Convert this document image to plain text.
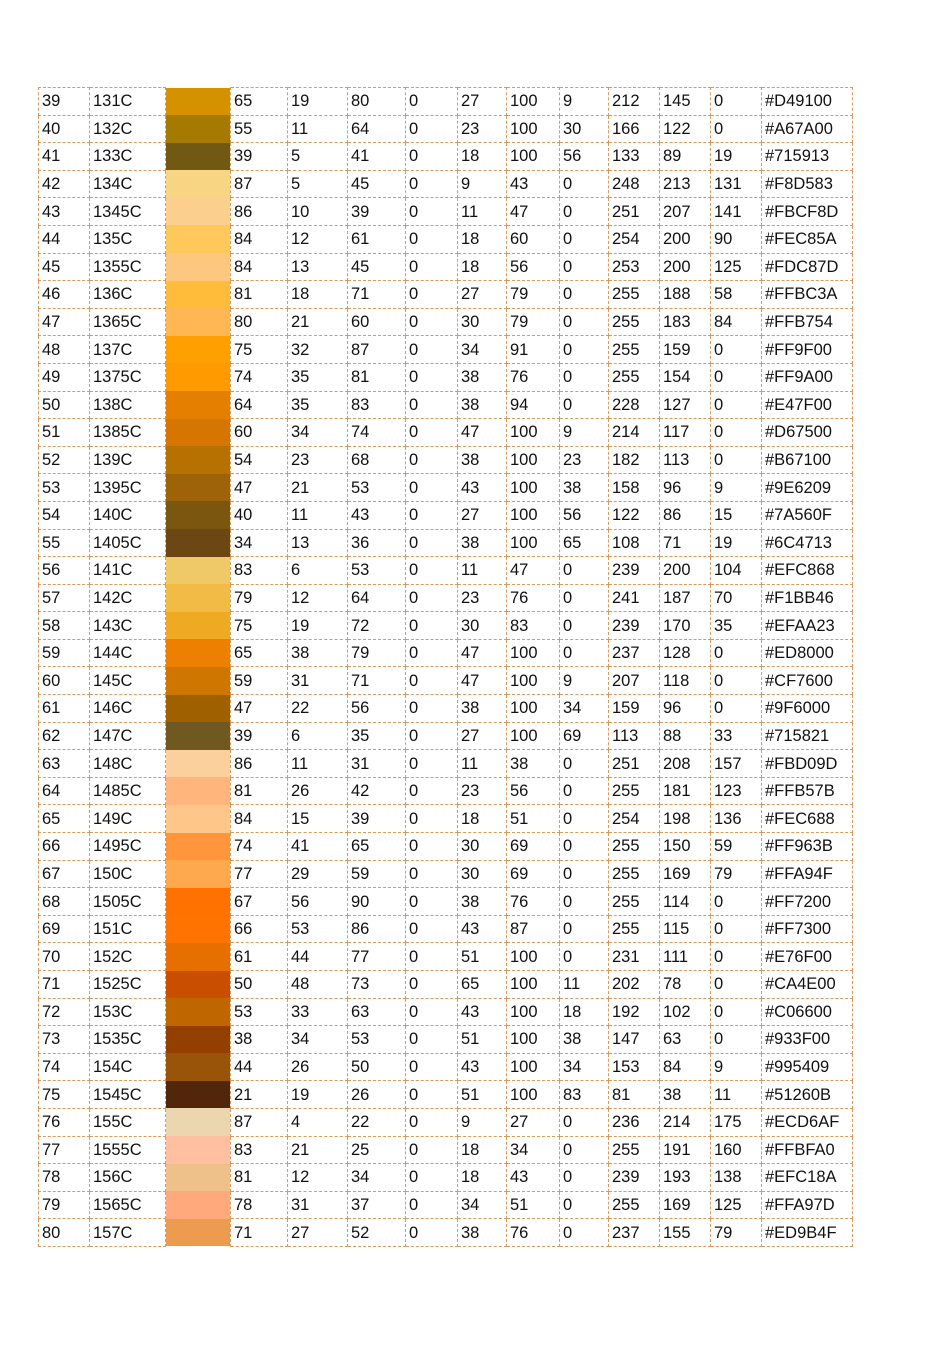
39	131C		65	19	80	0	27	100	9	212	145	0	#D49100
40	132C		55	11	64	0	23	100	30	166	122	0	#A67A00
41	133C		39	5	41	0	18	100	56	133	89	19	#715913
42	134C		87	5	45	0	9	43	0	248	213	131	#F8D583
43	1345C		86	10	39	0	11	47	0	251	207	141	#FBCF8D
44	135C		84	12	61	0	18	60	0	254	200	90	#FEC85A
45	1355C		84	13	45	0	18	56	0	253	200	125	#FDC87D
46	136C		81	18	71	0	27	79	0	255	188	58	#FFBC3A
47	1365C		80	21	60	0	30	79	0	255	183	84	#FFB754
48	137C		75	32	87	0	34	91	0	255	159	0	#FF9F00
49	1375C		74	35	81	0	38	76	0	255	154	0	#FF9A00
50	138C		64	35	83	0	38	94	0	228	127	0	#E47F00
51	1385C		60	34	74	0	47	100	9	214	117	0	#D67500
52	139C		54	23	68	0	38	100	23	182	113	0	#B67100
53	1395C		47	21	53	0	43	100	38	158	96	9	#9E6209
54	140C		40	11	43	0	27	100	56	122	86	15	#7A560F
55	1405C		34	13	36	0	38	100	65	108	71	19	#6C4713
56	141C		83	6	53	0	11	47	0	239	200	104	#EFC868
57	142C		79	12	64	0	23	76	0	241	187	70	#F1BB46
58	143C		75	19	72	0	30	83	0	239	170	35	#EFAA23
59	144C		65	38	79	0	47	100	0	237	128	0	#ED8000
60	145C		59	31	71	0	47	100	9	207	118	0	#CF7600
61	146C		47	22	56	0	38	100	34	159	96	0	#9F6000
62	147C		39	6	35	0	27	100	69	113	88	33	#715821
63	148C		86	11	31	0	11	38	0	251	208	157	#FBD09D
64	1485C		81	26	42	0	23	56	0	255	181	123	#FFB57B
65	149C		84	15	39	0	18	51	0	254	198	136	#FEC688
66	1495C		74	41	65	0	30	69	0	255	150	59	#FF963B
67	150C		77	29	59	0	30	69	0	255	169	79	#FFA94F
68	1505C		67	56	90	0	38	76	0	255	114	0	#FF7200
69	151C		66	53	86	0	43	87	0	255	115	0	#FF7300
70	152C		61	44	77	0	51	100	0	231	111	0	#E76F00
71	1525C		50	48	73	0	65	100	11	202	78	0	#CA4E00
72	153C		53	33	63	0	43	100	18	192	102	0	#C06600
73	1535C		38	34	53	0	51	100	38	147	63	0	#933F00
74	154C		44	26	50	0	43	100	34	153	84	9	#995409
75	1545C		21	19	26	0	51	100	83	81	38	11	#51260B
76	155C		87	4	22	0	9	27	0	236	214	175	#ECD6AF
77	1555C		83	21	25	0	18	34	0	255	191	160	#FFBFA0
78	156C		81	12	34	0	18	43	0	239	193	138	#EFC18A
79	1565C		78	31	37	0	34	51	0	255	169	125	#FFA97D
80	157C		71	27	52	0	38	76	0	237	155	79	#ED9B4F
